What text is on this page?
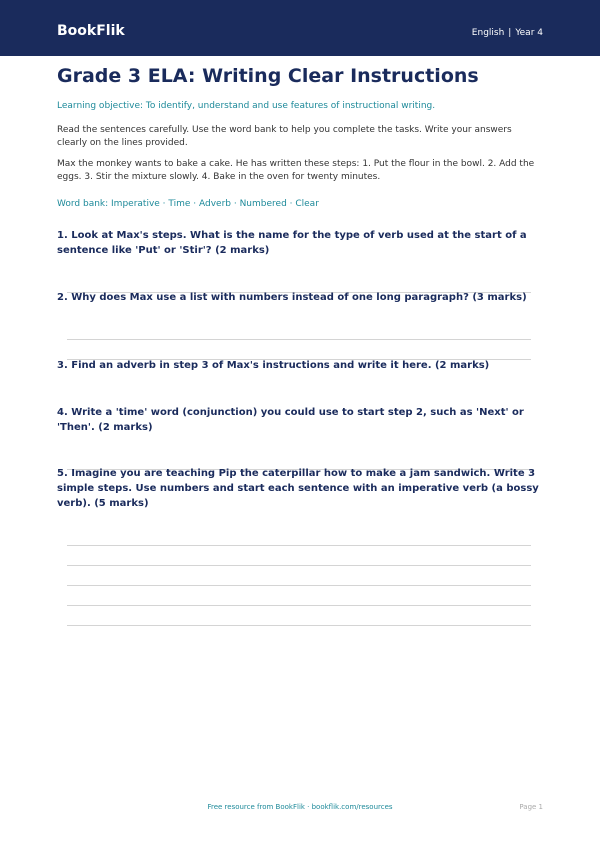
BookFlik	English | Year 4
Grade 3 ELA: Writing Clear Instructions
Learning objective: To identify, understand and use features of instructional writing.
Read the sentences carefully. Use the word bank to help you complete the tasks. Write your answers clearly on the lines provided.
Max the monkey wants to bake a cake. He has written these steps: 1. Put the flour in the bowl. 2. Add the eggs. 3. Stir the mixture slowly. 4. Bake in the oven for twenty minutes.
Word bank: Imperative · Time · Adverb · Numbered · Clear
1. Look at Max's steps. What is the name for the type of verb used at the start of a sentence like 'Put' or 'Stir'? (2 marks)
2. Why does Max use a list with numbers instead of one long paragraph? (3 marks)
3. Find an adverb in step 3 of Max's instructions and write it here. (2 marks)
4. Write a 'time' word (conjunction) you could use to start step 2, such as 'Next' or 'Then'. (2 marks)
5. Imagine you are teaching Pip the caterpillar how to make a jam sandwich. Write 3 simple steps. Use numbers and start each sentence with an imperative verb (a bossy verb). (5 marks)
Free resource from BookFlik · bookflik.com/resources	Page 1
